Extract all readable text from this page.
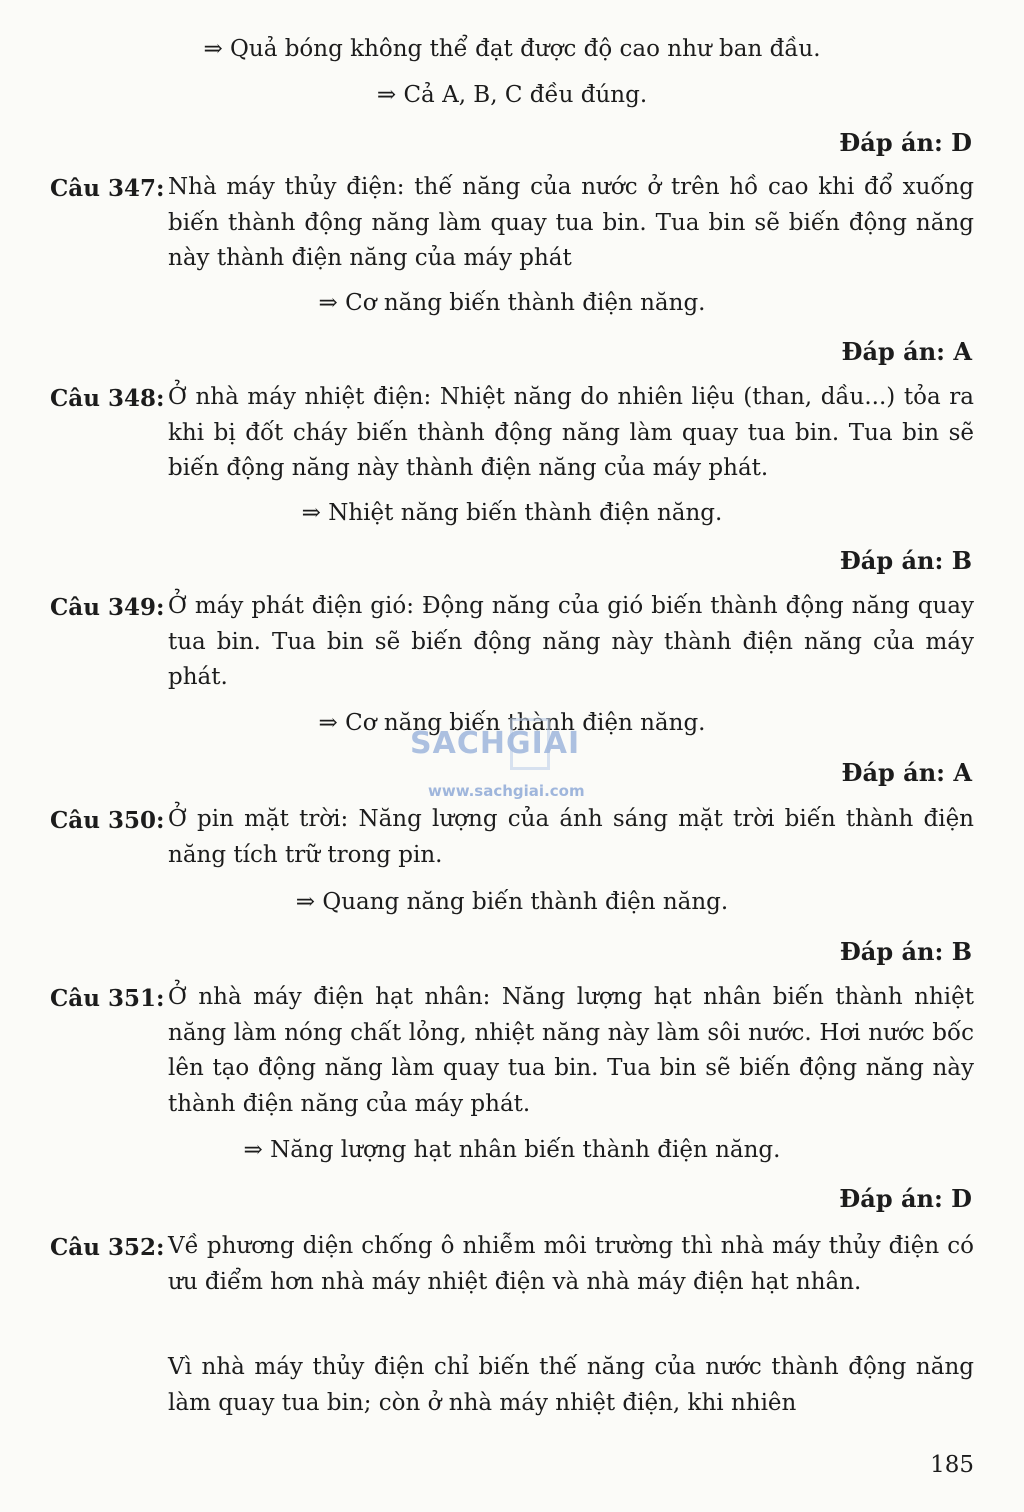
⇒ Quả bóng không thể đạt được độ cao như ban đầu.
⇒ Cả A, B, C đều đúng.
Đáp án: D
Câu 347: Nhà máy thủy điện: thế năng của nước ở trên hồ cao khi đổ xuống biến thành động năng làm quay tua bin. Tua bin sẽ biến động năng này thành điện năng của máy phát
⇒ Cơ năng biến thành điện năng.
Đáp án: A
Câu 348: Ở nhà máy nhiệt điện: Nhiệt năng do nhiên liệu (than, dầu...) tỏa ra khi bị đốt cháy biến thành động năng làm quay tua bin. Tua bin sẽ biến động năng này thành điện năng của máy phát.
⇒ Nhiệt năng biến thành điện năng.
Đáp án: B
Câu 349: Ở máy phát điện gió: Động năng của gió biến thành động năng quay tua bin. Tua bin sẽ biến động năng này thành điện năng của máy phát.
⇒ Cơ năng biến thành điện năng.
Đáp án: A
Câu 350: Ở pin mặt trời: Năng lượng của ánh sáng mặt trời biến thành điện năng tích trữ trong pin.
⇒ Quang năng biến thành điện năng.
Đáp án: B
Câu 351: Ở nhà máy điện hạt nhân: Năng lượng hạt nhân biến thành nhiệt năng làm nóng chất lỏng, nhiệt năng này làm sôi nước. Hơi nước bốc lên tạo động năng làm quay tua bin. Tua bin sẽ biến động năng này thành điện năng của máy phát.
⇒ Năng lượng hạt nhân biến thành điện năng.
Đáp án: D
Câu 352: Về phương diện chống ô nhiễm môi trường thì nhà máy thủy điện có ưu điểm hơn nhà máy nhiệt điện và nhà máy điện hạt nhân.
Vì nhà máy thủy điện chỉ biến thế năng của nước thành động năng làm quay tua bin; còn ở nhà máy nhiệt điện, khi nhiên
SACHGIAI
www.sachgiai.com
185
